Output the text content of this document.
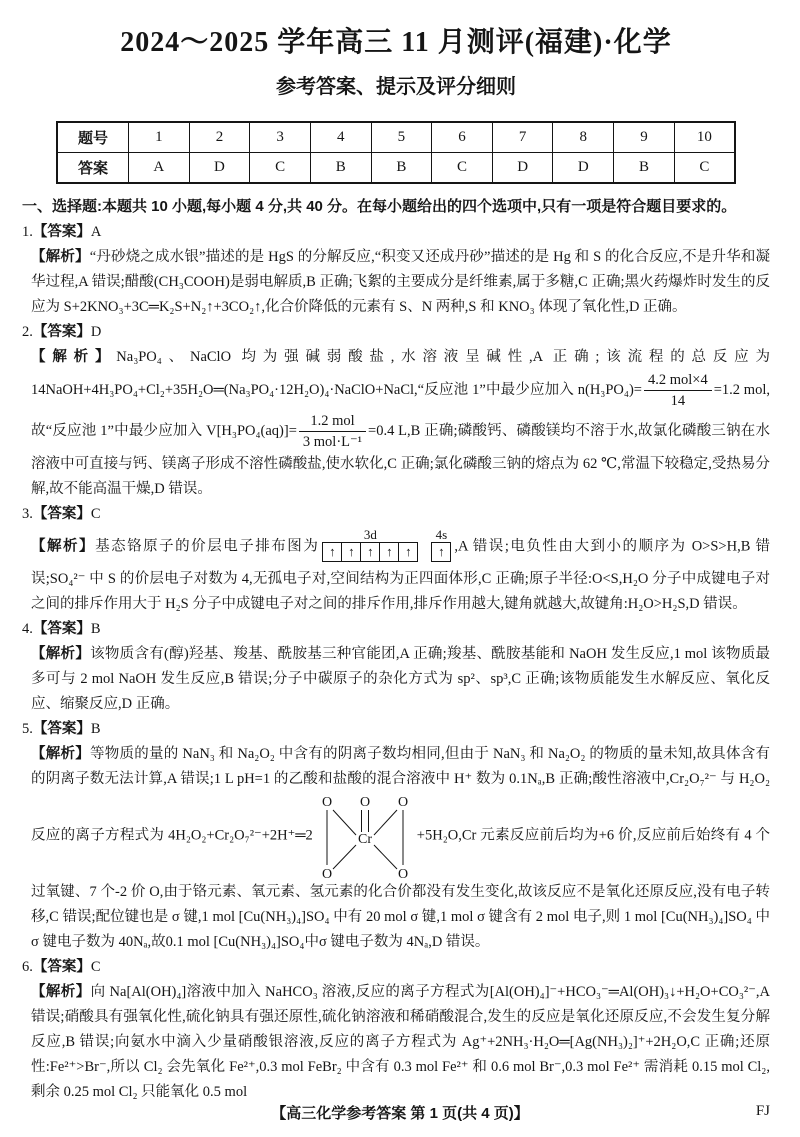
2024～2025 学年高三 11 月测评(福建)·化学
参考答案、提示及评分细则
题号	1	2	3	4	5	6	7	8	9	10
答案	A	D	C	B	B	C	D	D	B	C

一、选择题:本题共 10 小题,每小题 4 分,共 40 分。在每小题给出的四个选项中,只有一项是符合题目要求的。

1.【答案】A

【解析】“丹砂烧之成水银”描述的是 HgS 的分解反应,“积变又还成丹砂”描述的是 Hg 和 S 的化合反应,不是升华和凝华过程,A 错误;醋酸(CH₃COOH)是弱电解质,B 正确;飞絮的主要成分是纤维素,属于多糖,C 正确;黑火药爆炸时发生的反应为 S+2KNO₃+3C═K₂S+N₂↑+3CO₂↑,化合价降低的元素有 S、N 两种,S 和 KNO₃ 体现了氧化性,D 正确。

2.【答案】D

【解析】Na₃PO₄、NaClO 均为强碱弱酸盐,水溶液呈碱性,A 正确;该流程的总反应为 14NaOH+4H₃PO₄+Cl₂+35H₂O═(Na₃PO₄·12H₂O)₄·NaClO+NaCl,“反应池 1”中最少应加入 $n(H_3PO_4)= \frac{\text{4.2 mol×4}}{14} =1.2$ mol,故“反应池 1”中最少应加入 $V[H_3PO_4(aq)]= \frac{\text{1.2 mol}}{\text{3 mol·L⁻¹}} =0.4$ L,B 正确;磷酸钙、磷酸镁均不溶于水,故氯化磷酸三钠在水溶液中可直接与钙、镁离子形成不溶性磷酸盐,使水软化,C 正确;氯化磷酸三钠的熔点为 62 ℃,常温下较稳定,受热易分解,故不能高温干燥,D 错误。

3.【答案】C

【解析】基态铬原子的价层电子排布图为
3d
↑ ↑ ↑ ↑ ↑
4s
↑ ,A 错误;电负性由大到小的顺序为 O>S>H,B 错误;SO₄²⁻ 中 S 的价层电子对数为 4,无孤电子对,空间结构为正四面体形,C 正确;原子半径:O<S,H₂O 分子中成键电子对之间的排斥作用大于 H₂S 分子中成键电子对之间的排斥作用,排斥作用越大,键角就越大,故键角:H₂O>H₂S,D 错误。

4.【答案】B

【解析】该物质含有(醇)羟基、羧基、酰胺基三种官能团,A 正确;羧基、酰胺基能和 NaOH 发生反应,1 mol 该物质最多可与 2 mol NaOH 发生反应,B 错误;分子中碳原子的杂化方式为 sp²、sp³,C 正确;该物质能发生水解反应、氧化反应、缩聚反应,D 正确。

5.【答案】B

【解析】等物质的量的 NaN₃ 和 Na₂O₂ 中含有的阴离子数均相同,但由于 NaN₃ 和 Na₂O₂ 的物质的量未知,故具体含有的阴离子数无法计算,A 错误;1 L pH=1 的乙酸和盐酸的混合溶液中 H⁺ 数为 0.1Nₐ,B 正确;酸性溶液中,Cr₂O₇²⁻ 与 H₂O₂ 反应的离子方程式为 4H₂O₂+Cr₂O₇²⁻+2H⁺═2
O O O
Cr
O	O
+5H₂O,Cr 元素反应前后均为+6 价,反应前后始终有 4 个过氧键、7 个-2 价 O,由于铬元素、氧元素、氢元素的化合价都没有发生变化,故该反应不是氧化还原反应,没有电子转移,C 错误;配位键也是 σ 键,1 mol [Cu(NH₃)₄]SO₄ 中有 20 mol σ 键,1 mol σ 键含有 2 mol 电子,则 1 mol [Cu(NH₃)₄]SO₄ 中 σ 键电子数为 40Nₐ,故0.1 mol [Cu(NH₃)₄]SO₄中σ 键电子数为 4Nₐ,D 错误。

6.【答案】C

【解析】向 Na[Al(OH)₄]溶液中加入 NaHCO₃ 溶液,反应的离子方程式为[Al(OH)₄]⁻+HCO₃⁻═Al(OH)₃↓+H₂O+CO₃²⁻,A 错误;硝酸具有强氧化性,硫化钠具有强还原性,硫化钠溶液和稀硝酸混合,发生的反应是氧化还原反应,不会发生复分解反应,B 错误;向氨水中滴入少量硝酸银溶液,反应的离子方程式为 Ag⁺+2NH₃·H₂O═[Ag(NH₃)₂]⁺+2H₂O,C 正确;还原性:Fe²⁺>Br⁻,所以 Cl₂ 会先氧化 Fe²⁺,0.3 mol FeBr₂ 中含有 0.3 mol Fe²⁺ 和 0.6 mol Br⁻,0.3 mol Fe²⁺ 需消耗 0.15 mol Cl₂,剩余 0.25 mol Cl₂ 只能氧化 0.5 mol

【高三化学参考答案 第 1 页(共 4 页)】	FJ
